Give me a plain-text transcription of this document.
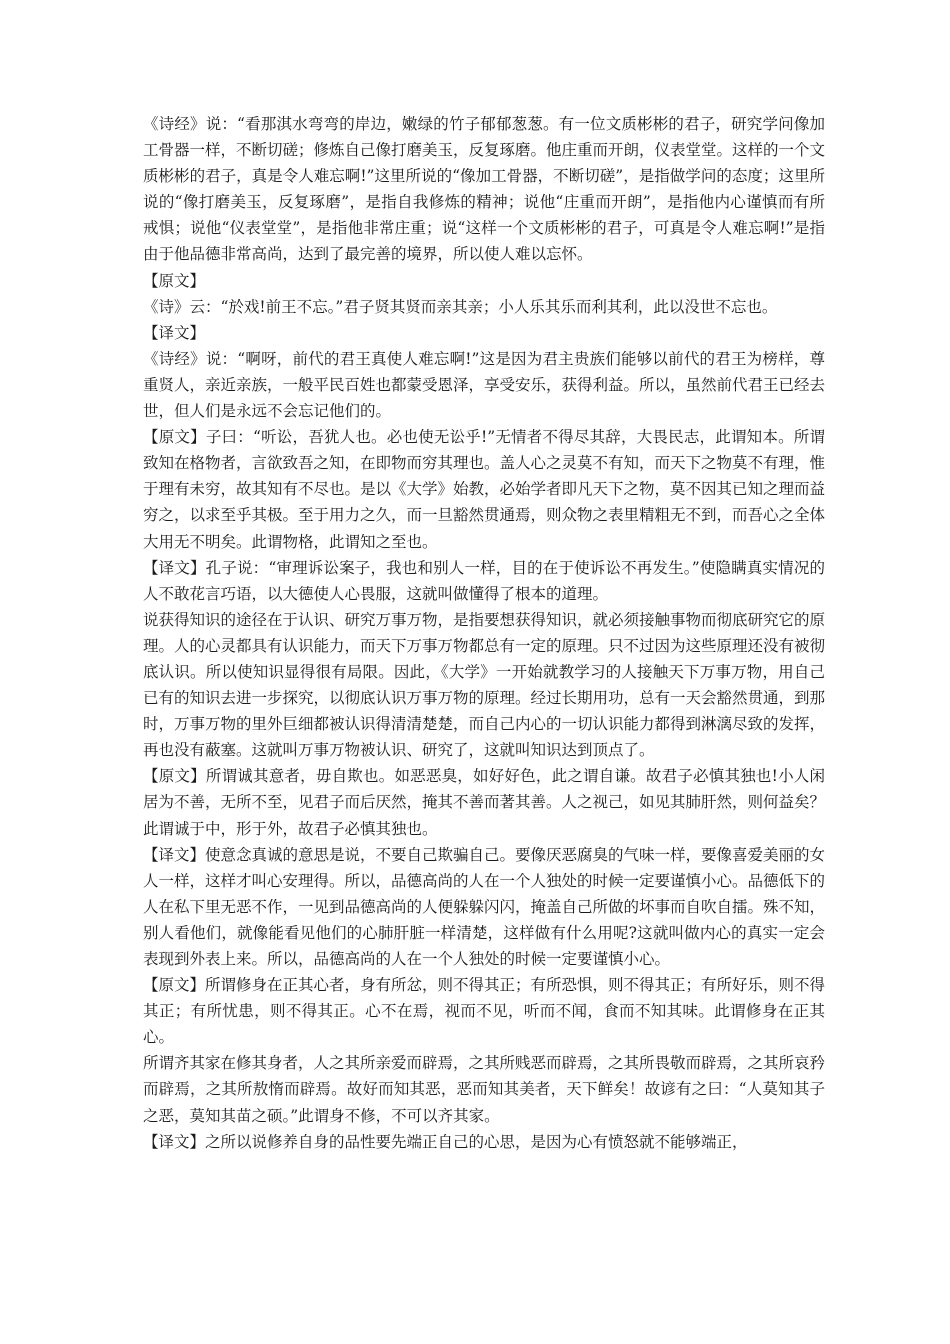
《诗经》说：“看那淇水弯弯的岸边，嫩绿的竹子郁郁葱葱。有一位文质彬彬的君子，研究学问像加工骨器一样，不断切磋；修炼自己像打磨美玉，反复琢磨。他庄重而开朗，仪表堂堂。这样的一个文质彬彬的君子，真是令人难忘啊!”这里所说的“像加工骨器，不断切磋”，是指做学问的态度；这里所说的“像打磨美玉，反复琢磨”，是指自我修炼的精神；说他“庄重而开朗”，是指他内心谨慎而有所戒惧；说他“仪表堂堂”，是指他非常庄重；说“这样一个文质彬彬的君子，可真是令人难忘啊!”是指由于他品德非常高尚，达到了最完善的境界，所以使人难以忘怀。

【原文】

《诗》云：“於戏!前王不忘。”君子贤其贤而亲其亲；小人乐其乐而利其利，此以没世不忘也。

【译文】

《诗经》说：“啊呀，前代的君王真使人难忘啊!”这是因为君主贵族们能够以前代的君王为榜样，尊重贤人，亲近亲族，一般平民百姓也都蒙受恩泽，享受安乐，获得利益。所以，虽然前代君王已经去世，但人们是永远不会忘记他们的。

【原文】子曰：“听讼，吾犹人也。必也使无讼乎!”无情者不得尽其辞，大畏民志，此谓知本。所谓致知在格物者，言欲致吾之知，在即物而穷其理也。盖人心之灵莫不有知，而天下之物莫不有理，惟于理有未穷，故其知有不尽也。是以《大学》始教，必始学者即凡天下之物，莫不因其已知之理而益穷之，以求至乎其极。至于用力之久，而一旦豁然贯通焉，则众物之表里精粗无不到，而吾心之全体大用无不明矣。此谓物格，此谓知之至也。

【译文】孔子说：“审理诉讼案子，我也和别人一样，目的在于使诉讼不再发生。”使隐瞒真实情况的人不敢花言巧语，以大德使人心畏服，这就叫做懂得了根本的道理。

说获得知识的途径在于认识、研究万事万物，是指要想获得知识，就必须接触事物而彻底研究它的原理。人的心灵都具有认识能力，而天下万事万物都总有一定的原理。只不过因为这些原理还没有被彻底认识。所以使知识显得很有局限。因此，《大学》一开始就教学习的人接触天下万事万物，用自己已有的知识去进一步探究，以彻底认识万事万物的原理。经过长期用功，总有一天会豁然贯通，到那时，万事万物的里外巨细都被认识得清清楚楚，而自己内心的一切认识能力都得到淋漓尽致的发挥，再也没有蔽塞。这就叫万事万物被认识、研究了，这就叫知识达到顶点了。

【原文】所谓诚其意者，毋自欺也。如恶恶臭，如好好色，此之谓自谦。故君子必慎其独也!小人闲居为不善，无所不至，见君子而后厌然，掩其不善而著其善。人之视己，如见其肺肝然，则何益矣？此谓诚于中，形于外，故君子必慎其独也。

【译文】使意念真诚的意思是说，不要自己欺骗自己。要像厌恶腐臭的气味一样，要像喜爱美丽的女人一样，这样才叫心安理得。所以，品德高尚的人在一个人独处的时候一定要谨慎小心。品德低下的人在私下里无恶不作，一见到品德高尚的人便躲躲闪闪，掩盖自己所做的坏事而自吹自擂。殊不知，别人看他们，就像能看见他们的心肺肝脏一样清楚，这样做有什么用呢?这就叫做内心的真实一定会表现到外表上来。所以，品德高尚的人在一个人独处的时候一定要谨慎小心。

【原文】所谓修身在正其心者，身有所忿，则不得其正；有所恐惧，则不得其正；有所好乐，则不得其正；有所忧患，则不得其正。心不在焉，视而不见，听而不闻，食而不知其味。此谓修身在正其心。

所谓齐其家在修其身者，人之其所亲爱而辟焉，之其所贱恶而辟焉，之其所畏敬而辟焉，之其所哀矜而辟焉，之其所敖惰而辟焉。故好而知其恶，恶而知其美者，天下鲜矣！故谚有之曰：“人莫知其子之恶，莫知其苗之硕。”此谓身不修，不可以齐其家。

【译文】之所以说修养自身的品性要先端正自己的心思，是因为心有愤怒就不能够端正，
